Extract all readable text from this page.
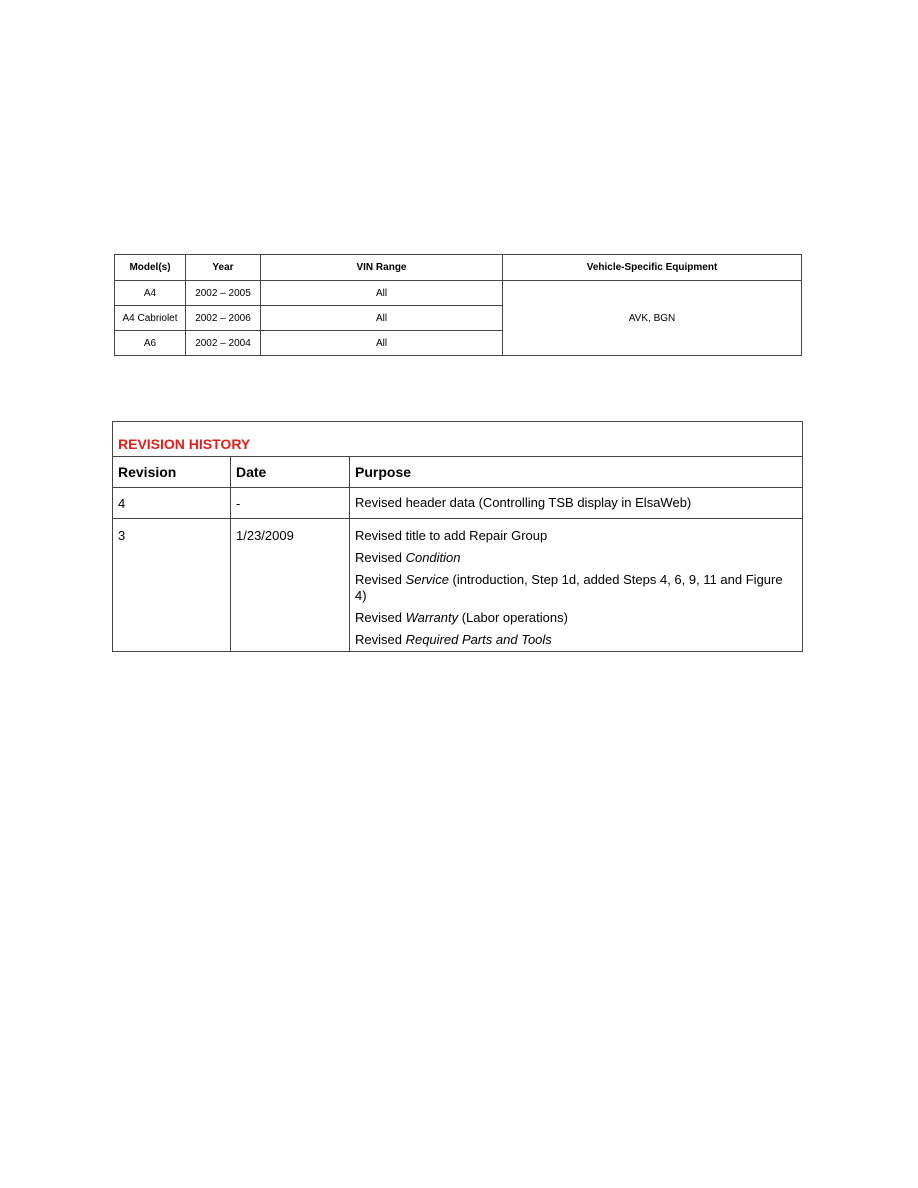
Model(s)	Year	VIN Range	Vehicle-Specific Equipment
A4	2002 – 2005	All	AVK, BGN
A4 Cabriolet	2002 – 2006	All	
A6	2002 – 2004	All	
REVISION HISTORY		
Revision	Date	Purpose
4	-	Revised header data (Controlling TSB display in ElsaWeb)

3	1/23/2009	Revised title to add Repair Group
Revised Condition
Revised Service (introduction, Step 1d, added Steps 4, 6, 9, 11 and Figure 4)
Revised Warranty (Labor operations)
Revised Required Parts and Tools
